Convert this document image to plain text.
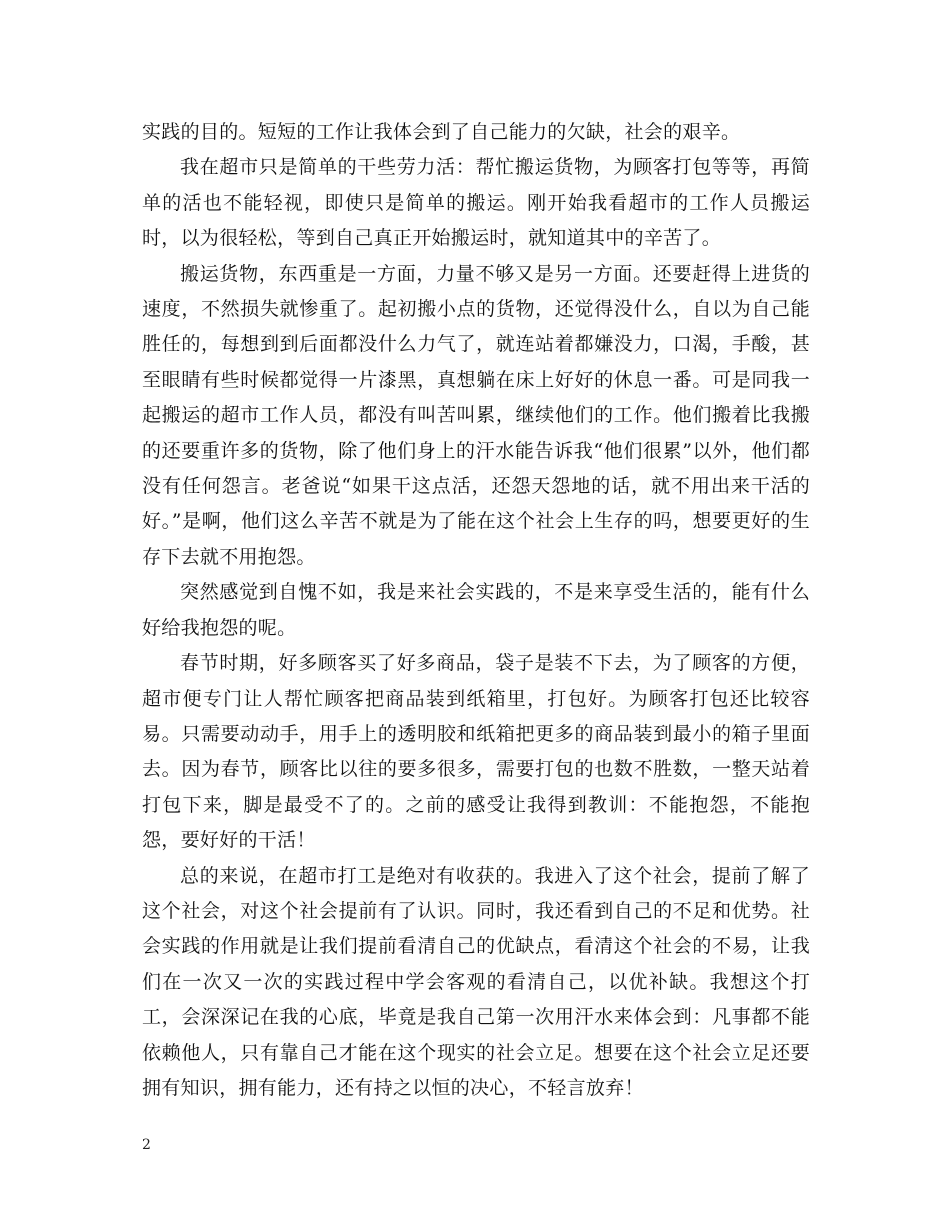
实践的目的。短短的工作让我体会到了自己能力的欠缺，社会的艰辛。

我在超市只是简单的干些劳力活：帮忙搬运货物，为顾客打包等等，再简单的活也不能轻视，即使只是简单的搬运。刚开始我看超市的工作人员搬运时，以为很轻松，等到自己真正开始搬运时，就知道其中的辛苦了。

搬运货物，东西重是一方面，力量不够又是另一方面。还要赶得上进货的速度，不然损失就惨重了。起初搬小点的货物，还觉得没什么，自以为自己能胜任的，每想到到后面都没什么力气了，就连站着都嫌没力，口渴，手酸，甚至眼睛有些时候都觉得一片漆黑，真想躺在床上好好的休息一番。可是同我一起搬运的超市工作人员，都没有叫苦叫累，继续他们的工作。他们搬着比我搬的还要重许多的货物，除了他们身上的汗水能告诉我“他们很累”以外，他们都没有任何怨言。老爸说“如果干这点活，还怨天怨地的话，就不用出来干活的好。”是啊，他们这么辛苦不就是为了能在这个社会上生存的吗，想要更好的生存下去就不用抱怨。

突然感觉到自愧不如，我是来社会实践的，不是来享受生活的，能有什么好给我抱怨的呢。

春节时期，好多顾客买了好多商品，袋子是装不下去，为了顾客的方便，超市便专门让人帮忙顾客把商品装到纸箱里，打包好。为顾客打包还比较容易。只需要动动手，用手上的透明胶和纸箱把更多的商品装到最小的箱子里面去。因为春节，顾客比以往的要多很多，需要打包的也数不胜数，一整天站着打包下来，脚是最受不了的。之前的感受让我得到教训：不能抱怨，不能抱怨，要好好的干活！

总的来说，在超市打工是绝对有收获的。我进入了这个社会，提前了解了这个社会，对这个社会提前有了认识。同时，我还看到自己的不足和优势。社会实践的作用就是让我们提前看清自己的优缺点，看清这个社会的不易，让我们在一次又一次的实践过程中学会客观的看清自己，以优补缺。我想这个打工，会深深记在我的心底，毕竟是我自己第一次用汗水来体会到：凡事都不能依赖他人，只有靠自己才能在这个现实的社会立足。想要在这个社会立足还要拥有知识，拥有能力，还有持之以恒的决心，不轻言放弃！

2
